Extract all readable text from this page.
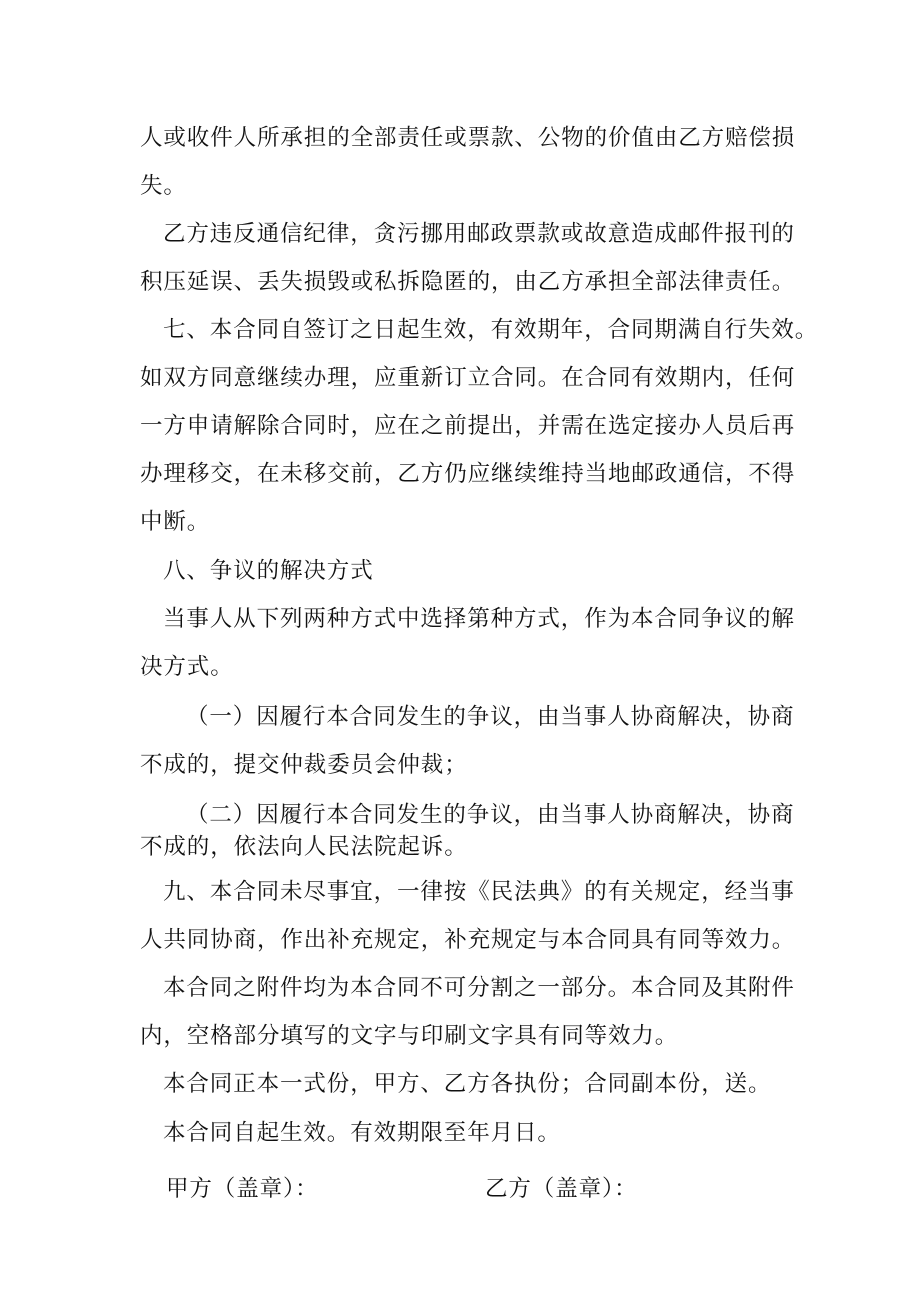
人或收件人所承担的全部责任或票款、公物的价值由乙方赔偿损
失。
乙方违反通信纪律，贪污挪用邮政票款或故意造成邮件报刊的
积压延误、丢失损毁或私拆隐匿的，由乙方承担全部法律责任。
七、本合同自签订之日起生效，有效期年，合同期满自行失效。
如双方同意继续办理，应重新订立合同。在合同有效期内，任何
一方申请解除合同时，应在之前提出，并需在选定接办人员后再
办理移交，在未移交前，乙方仍应继续维持当地邮政通信，不得
中断。
八、争议的解决方式
当事人从下列两种方式中选择第种方式，作为本合同争议的解
决方式。
（一）因履行本合同发生的争议，由当事人协商解决，协商
不成的，提交仲裁委员会仲裁；
（二）因履行本合同发生的争议，由当事人协商解决，协商
不成的，依法向人民法院起诉。
九、本合同未尽事宜，一律按《民法典》的有关规定，经当事
人共同协商，作出补充规定，补充规定与本合同具有同等效力。
本合同之附件均为本合同不可分割之一部分。本合同及其附件
内，空格部分填写的文字与印刷文字具有同等效力。
本合同正本一式份，甲方、乙方各执份；合同副本份，送。
本合同自起生效。有效期限至年月日。
甲方（盖章）：	乙方（盖章）：
